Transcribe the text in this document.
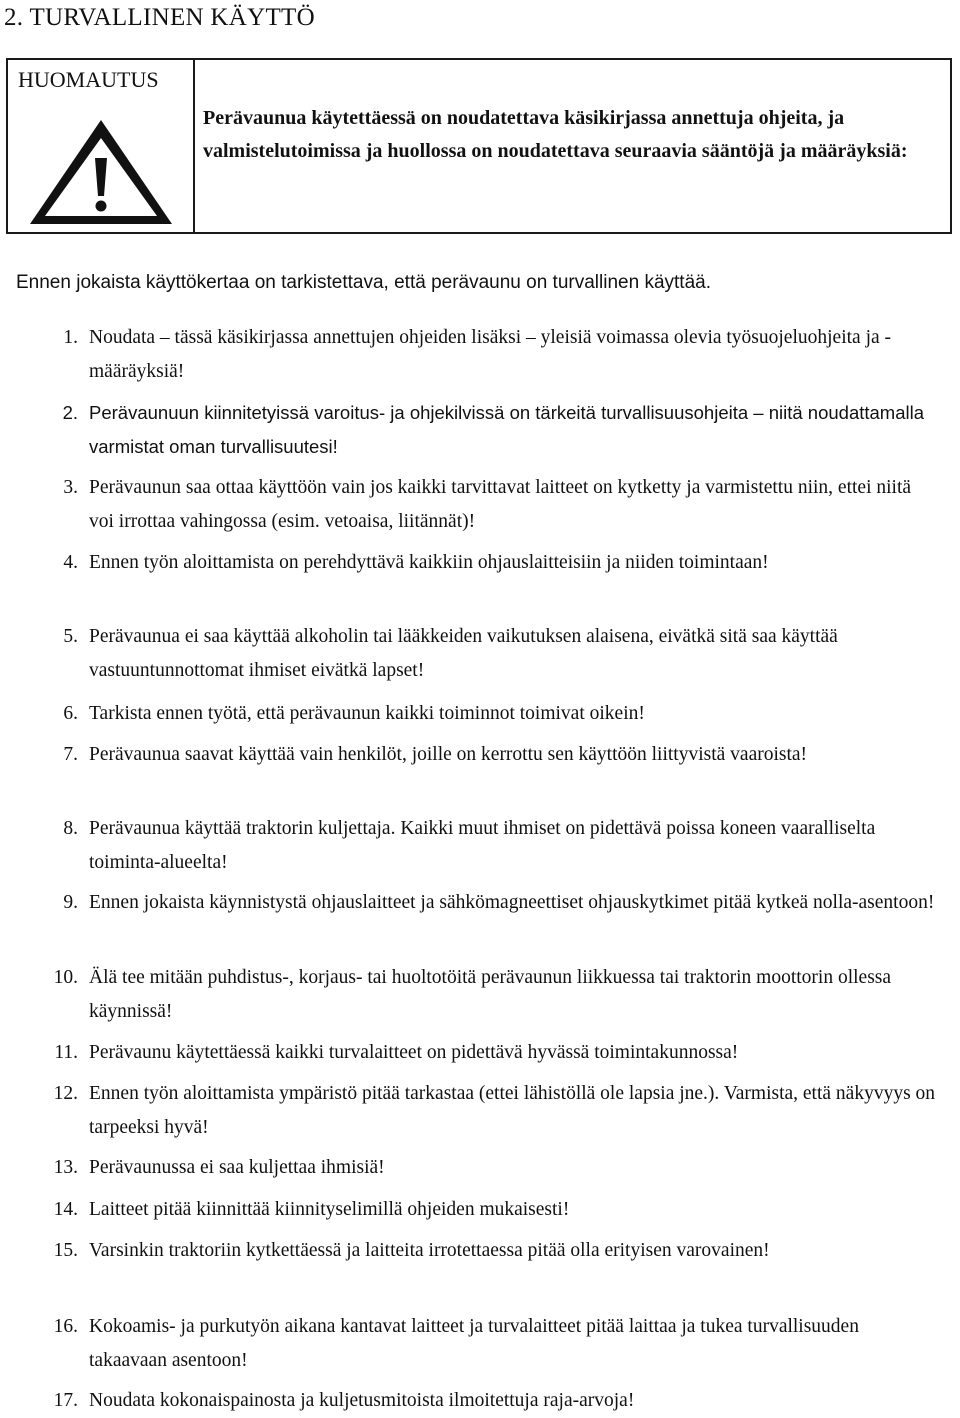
2. TURVALLINEN KÄYTTÖ
HUOMAUTUS
Perävaunua käytettäessä on noudatettava käsikirjassa annettuja ohjeita, ja valmistelutoimissa ja huollossa on noudatettava seuraavia sääntöjä ja määräyksiä:
Ennen jokaista käyttökertaa on tarkistettava, että perävaunu on turvallinen käyttää.
1. Noudata – tässä käsikirjassa annettujen ohjeiden lisäksi – yleisiä voimassa olevia työsuojeluohjeita ja -määräyksiä!
2. Perävaunuun kiinnitetyissä varoitus- ja ohjekilvissä on tärkeitä turvallisuusohjeita – niitä noudattamalla varmistat oman turvallisuutesi!
3. Perävaunun saa ottaa käyttöön vain jos kaikki tarvittavat laitteet on kytketty ja varmistettu niin, ettei niitä voi irrottaa vahingossa (esim. vetoaisa, liitännät)!
4. Ennen työn aloittamista on perehdyttävä kaikkiin ohjauslaitteisiin ja niiden toimintaan!
5. Perävaunua ei saa käyttää alkoholin tai lääkkeiden vaikutuksen alaisena, eivätkä sitä saa käyttää vastuuntunnottomat ihmiset eivätkä lapset!
6. Tarkista ennen työtä, että perävaunun kaikki toiminnot toimivat oikein!
7. Perävaunua saavat käyttää vain henkilöt, joille on kerrottu sen käyttöön liittyvistä vaaroista!
8. Perävaunua käyttää traktorin kuljettaja. Kaikki muut ihmiset on pidettävä poissa koneen vaaralliselta toiminta-alueelta!
9. Ennen jokaista käynnistystä ohjauslaitteet ja sähkömagneettiset ohjauskytkimet pitää kytkeä nolla-asentoon!
10. Älä tee mitään puhdistus-, korjaus- tai huoltotöitä perävaunun liikkuessa tai traktorin moottorin ollessa käynnissä!
11. Perävaunu käytettäessä kaikki turvalaitteet on pidettävä hyvässä toimintakunnossa!
12. Ennen työn aloittamista ympäristö pitää tarkastaa (ettei lähistöllä ole lapsia jne.). Varmista, että näkyvyys on tarpeeksi hyvä!
13. Perävaunussa ei saa kuljettaa ihmisiä!
14. Laitteet pitää kiinnittää kiinnityselimillä ohjeiden mukaisesti!
15. Varsinkin traktoriin kytkettäessä ja laitteita irrotettaessa pitää olla erityisen varovainen!
16. Kokoamis- ja purkutyön aikana kantavat laitteet ja turvalaitteet pitää laittaa ja tukea turvallisuuden takaavaan asentoon!
17. Noudata kokonaispainosta ja kuljetusmitoista ilmoitettuja raja-arvoja!
